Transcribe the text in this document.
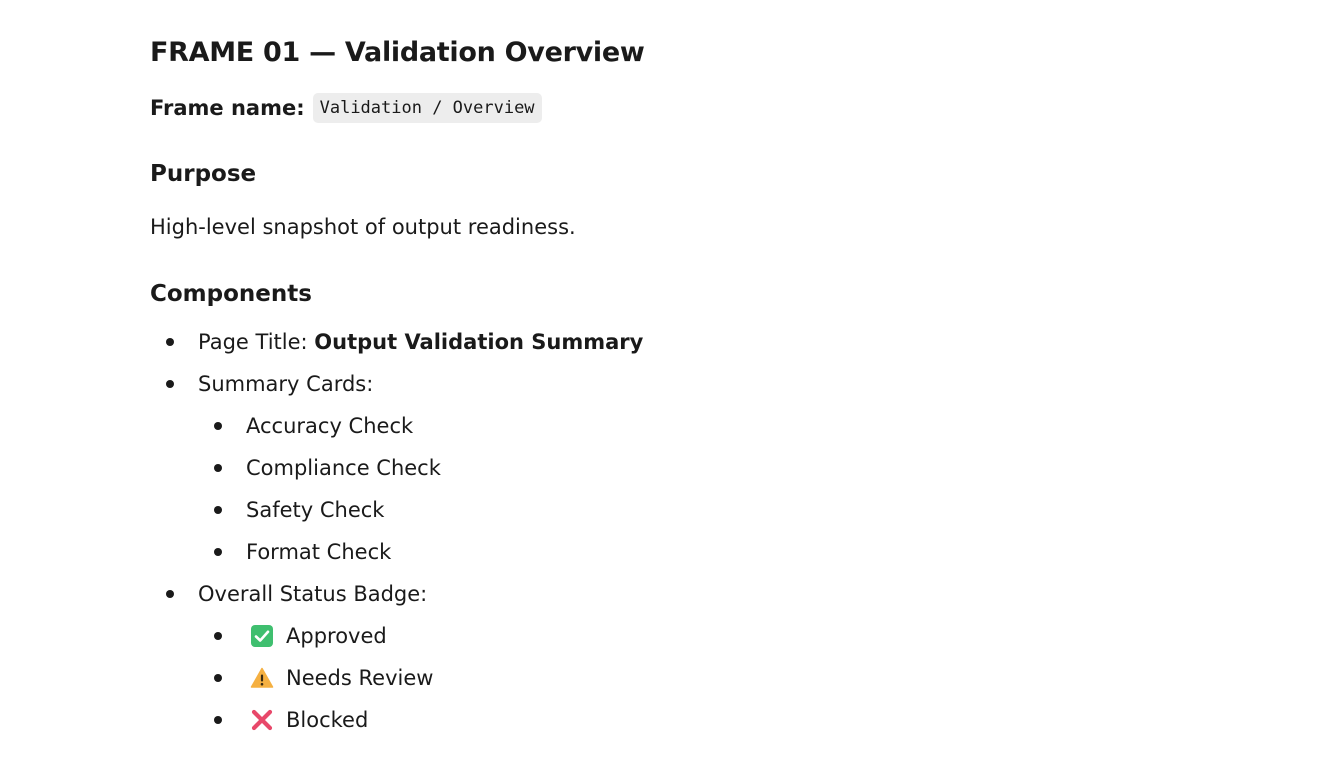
FRAME 01 — Validation Overview
Frame name: Validation / Overview
Purpose

High-level snapshot of output readiness.

Components
Page Title: Output Validation Summary
Summary Cards:
Accuracy Check
Compliance Check
Safety Check
Format Check
Overall Status Badge:
Approved
Needs Review
Blocked
